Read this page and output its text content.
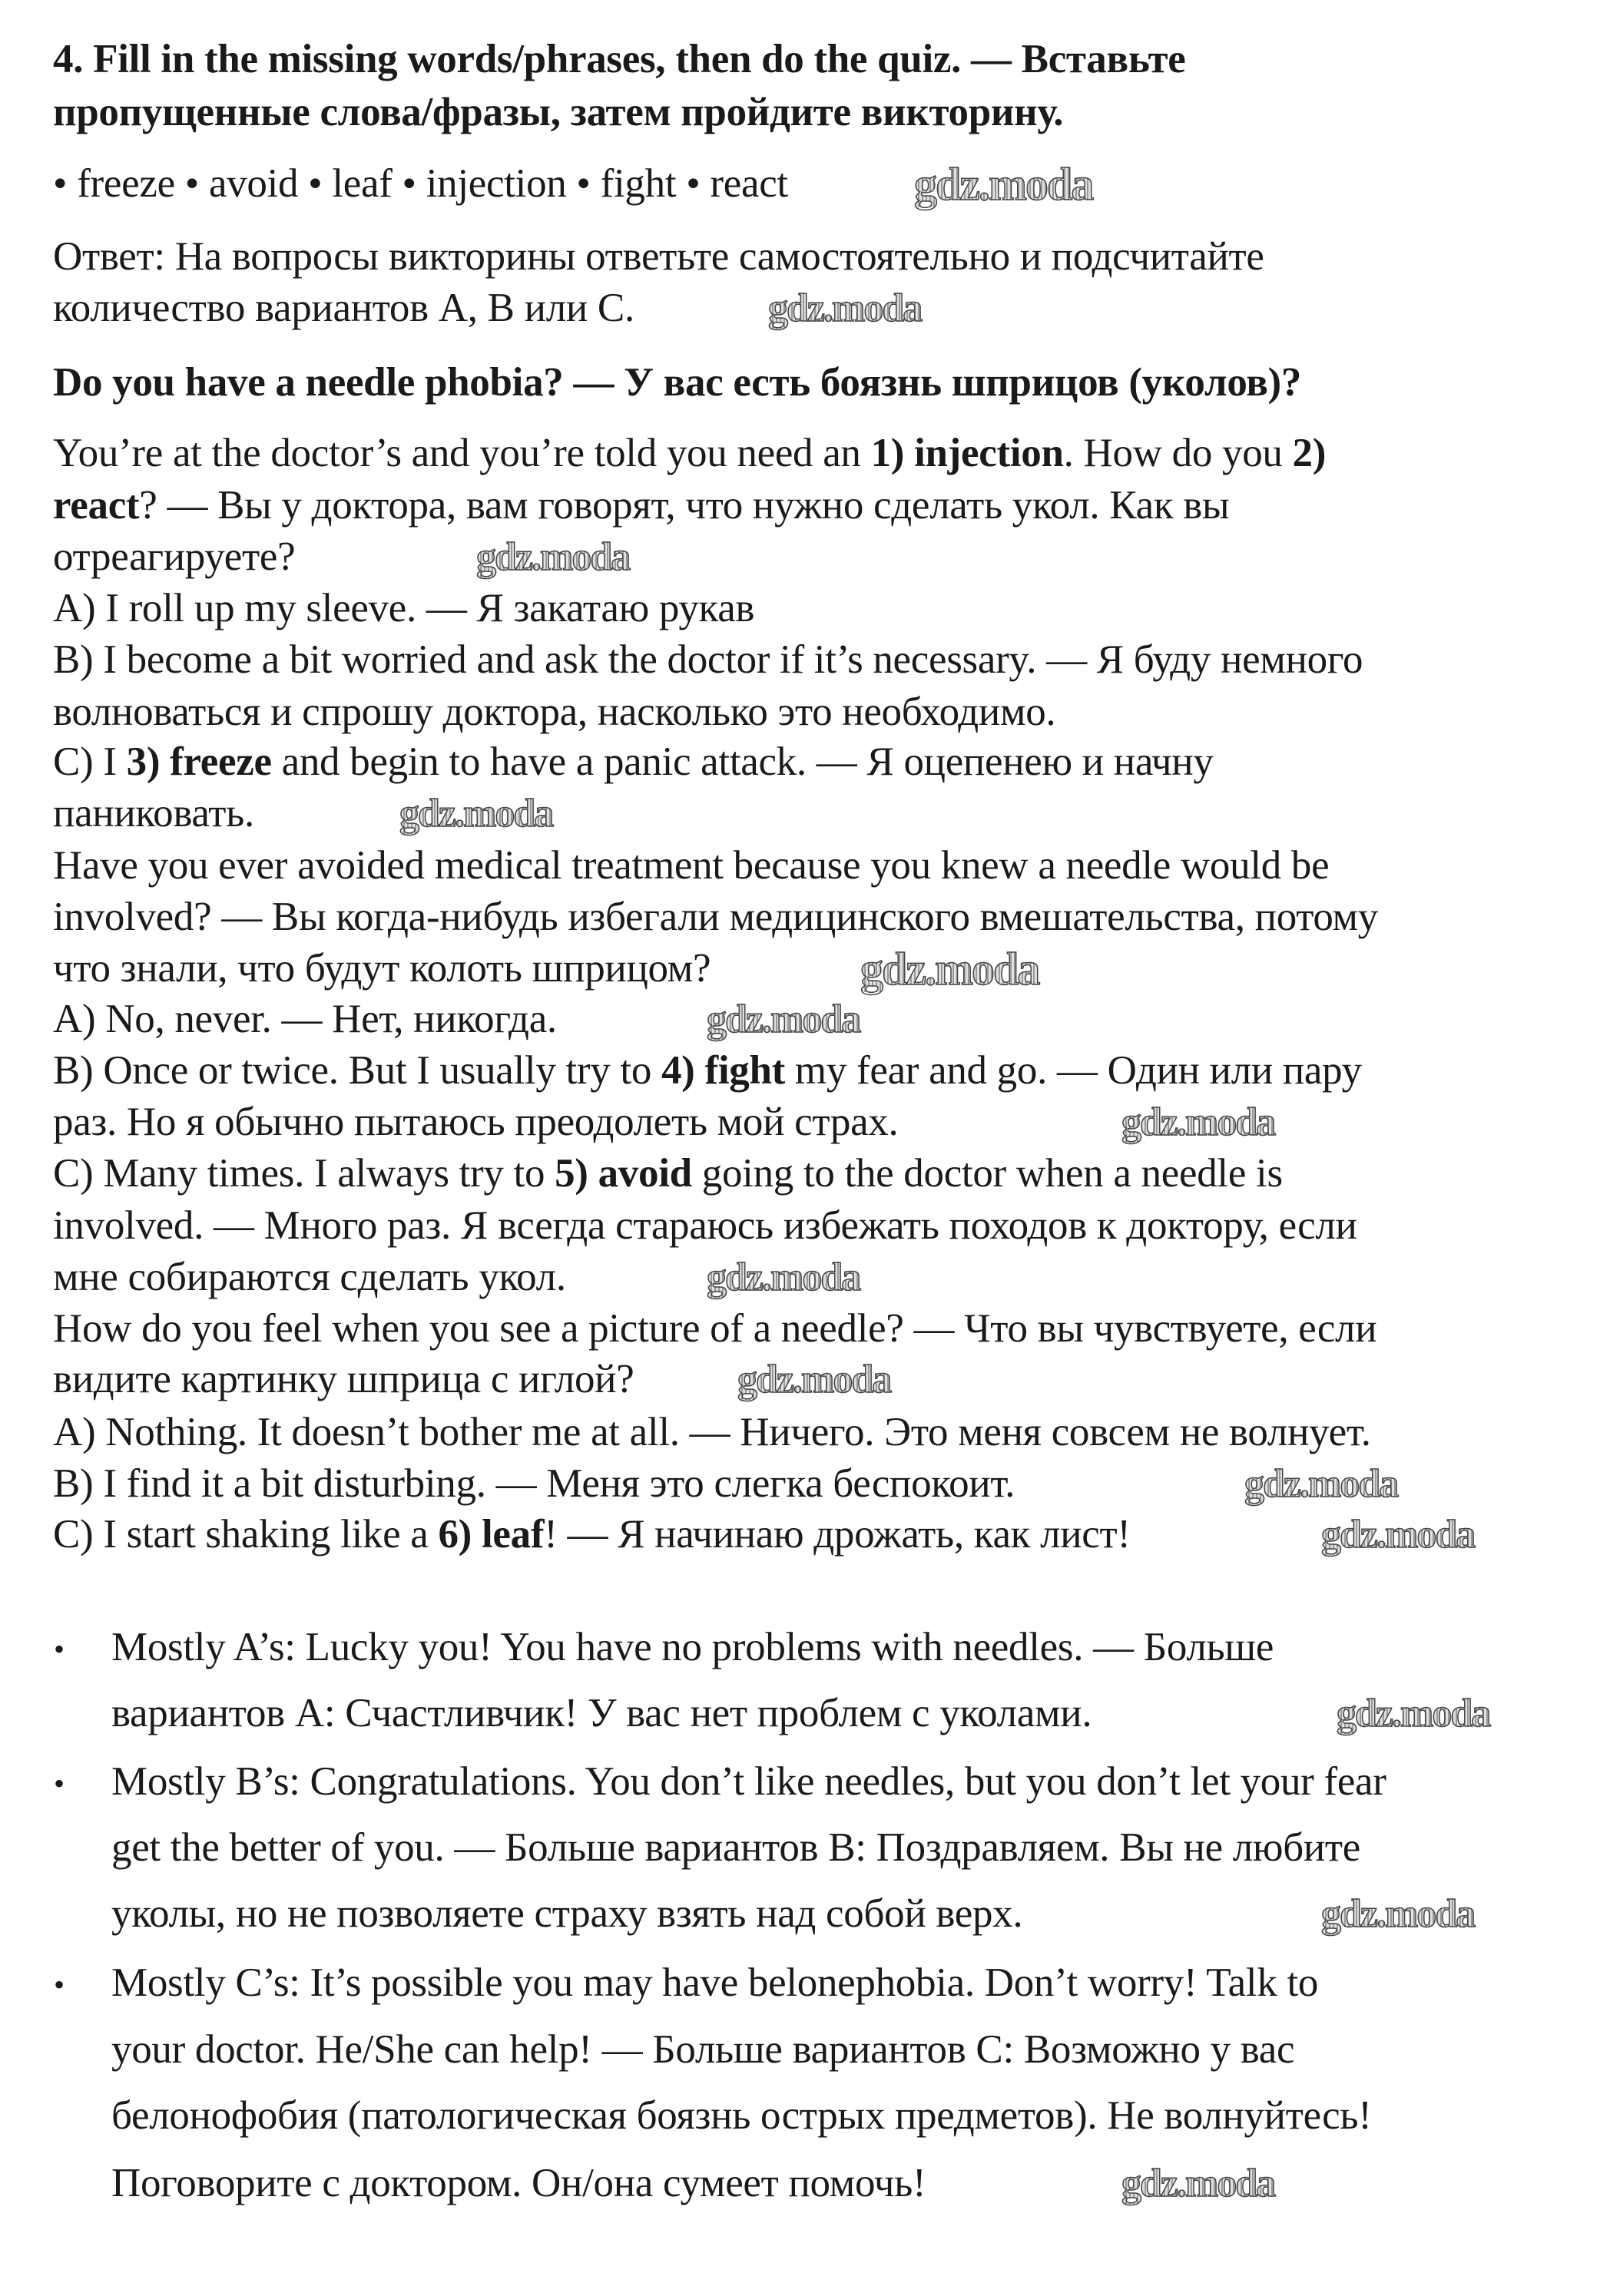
4. Fill in the missing words/phrases, then do the quiz. — Вставьте
пропущенные слова/фразы, затем пройдите викторину.
• freeze • avoid • leaf • injection • fight • react
Ответ: На вопросы викторины ответьте самостоятельно и подсчитайте
количество вариантов A, B или C.
Do you have a needle phobia? — У вас есть боязнь шприцов (уколов)?
You’re at the doctor’s and you’re told you need an 1) injection. How do you 2)
react? — Вы у доктора, вам говорят, что нужно сделать укол. Как вы
отреагируете?
A) I roll up my sleeve. — Я закатаю рукав
B) I become a bit worried and ask the doctor if it’s necessary. — Я буду немного
волноваться и спрошу доктора, насколько это необходимо.
C) I 3) freeze and begin to have a panic attack. — Я оцепенею и начну
паниковать.
Have you ever avoided medical treatment because you knew a needle would be
involved? — Вы когда-нибудь избегали медицинского вмешательства, потому
что знали, что будут колоть шприцом?
A) No, never. — Нет, никогда.
B) Once or twice. But I usually try to 4) fight my fear and go. — Один или пару
раз. Но я обычно пытаюсь преодолеть мой страх.
C) Many times. I always try to 5) avoid going to the doctor when a needle is
involved. — Много раз. Я всегда стараюсь избежать походов к доктору, если
мне собираются сделать укол.
How do you feel when you see a picture of a needle? — Что вы чувствуете, если
видите картинку шприца с иглой?
A) Nothing. It doesn’t bother me at all. — Ничего. Это меня совсем не волнует.
B) I find it a bit disturbing. — Меня это слегка беспокоит.
C) I start shaking like a 6) leaf! — Я начинаю дрожать, как лист!
Mostly A’s: Lucky you! You have no problems with needles. — Больше
вариантов A: Счастливчик! У вас нет проблем с уколами.
Mostly B’s: Congratulations. You don’t like needles, but you don’t let your fear
get the better of you. — Больше вариантов B: Поздравляем. Вы не любите
уколы, но не позволяете страху взять над собой верх.
Mostly C’s: It’s possible you may have belonephobia. Don’t worry! Talk to
your doctor. He/She can help! — Больше вариантов C: Возможно у вас
белонофобия (патологическая боязнь острых предметов). Не волнуйтесь!
Поговорите с доктором. Он/она сумеет помочь!
•
•
•
gdz.moda
gdz.moda
gdz.moda
gdz.moda
gdz.moda
gdz.moda
gdz.moda
gdz.moda
gdz.moda
gdz.moda
gdz.moda
gdz.moda
gdz.moda
gdz.moda
